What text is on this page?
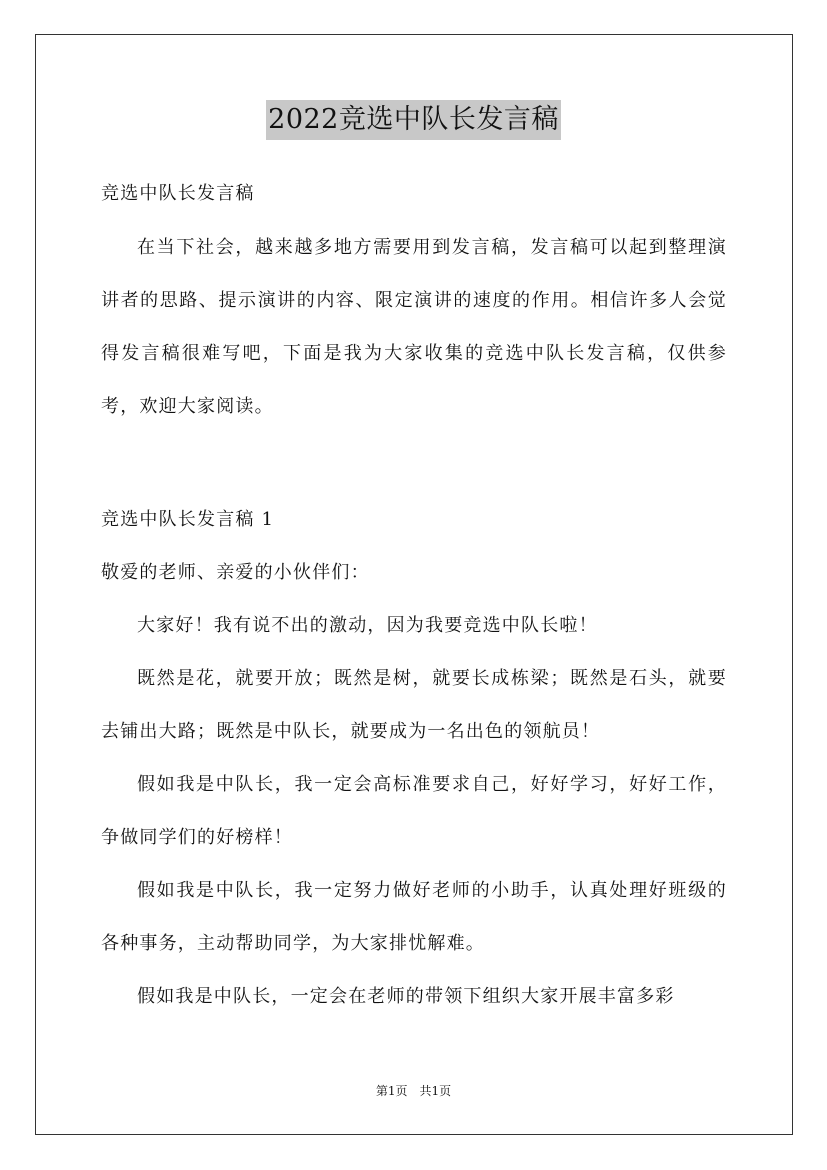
2022竞选中队长发言稿

竞选中队长发言稿

在当下社会，越来越多地方需要用到发言稿，发言稿可以起到整理演讲者的思路、提示演讲的内容、限定演讲的速度的作用。相信许多人会觉得发言稿很难写吧，下面是我为大家收集的竞选中队长发言稿，仅供参考，欢迎大家阅读。

竞选中队长发言稿 1

敬爱的老师、亲爱的小伙伴们：

大家好！我有说不出的激动，因为我要竞选中队长啦！

既然是花，就要开放；既然是树，就要长成栋梁；既然是石头，就要去铺出大路；既然是中队长，就要成为一名出色的领航员！

假如我是中队长，我一定会高标准要求自己，好好学习，好好工作，争做同学们的好榜样！

假如我是中队长，我一定努力做好老师的小助手，认真处理好班级的各种事务，主动帮助同学，为大家排忧解难。

假如我是中队长，一定会在老师的带领下组织大家开展丰富多彩

第1页　共1页
